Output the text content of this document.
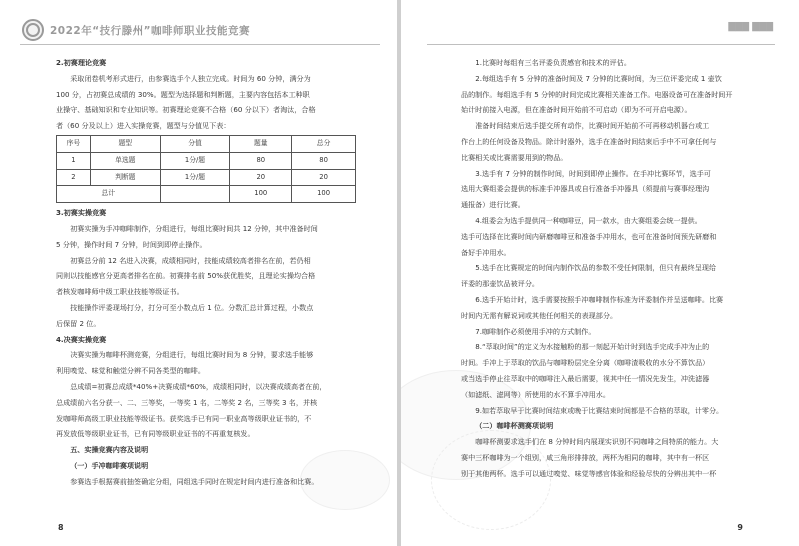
2022年“技行滕州”咖啡师职业技能竞赛

2.初赛理论竞赛

采取闭卷机考形式进行，由参赛选手个人独立完成。时间为 60 分钟，满分为

100 分，占初赛总成绩的 30%。题型为选择题和判断题，主要内容包括本工种职

业操守、基础知识和专业知识等。初赛理论竞赛不合格（60 分以下）者淘汰，合格

者（60 分及以上）进入实操竞赛，题型与分值见下表：

序号	题型	分值	题量	总分
1	单选题	1分/题	80	80
2	判断题	1分/题	20	20
总计			100	100

3.初赛实操竞赛

初赛实操为手冲咖啡制作，分组进行，每组比赛时间共 12 分钟，其中准备时间

5 分钟，操作时间 7 分钟，时间到即停止操作。

初赛总分前 12 名进入决赛，成绩相同时，技能成绩较高者排名在前，若仍相

同则以技能感官分更高者排名在前。初赛排名前 50%获优胜奖，且理论实操均合格

者核发咖啡师中级工职业技能等级证书。

技能操作评委现场打分，打分可至小数点后 1 位。分数汇总计算过程，小数点

后保留 2 位。

4.决赛实操竞赛

决赛实操为咖啡杯测竞赛，分组进行，每组比赛时间为 8 分钟，要求选手能够

利用嗅觉、味觉和触觉分辨不同各类型的咖啡。

总成绩=初赛总成绩*40%+决赛成绩*60%，成绩相同时，以决赛成绩高者在前，

总成绩前六名分获一、二、三等奖，一等奖 1 名，二等奖 2 名，三等奖 3 名，并核

发咖啡师高级工职业技能等级证书。获奖选手已有同一职业高等级职业证书的，不

再发放低等级职业证书，已有同等级职业证书的不再重复核发。

五、实操竞赛内容及说明

（一）手冲咖啡赛项说明

参赛选手根据赛前抽签确定分组，同组选手同时在规定时间内进行准备和比赛。

8
▇▇▇ ▇▇▇

1.比赛时每组有三名评委负责感官和技术的评估。

2.每组选手有 5 分钟的准备时间及 7 分钟的比赛时间，为三位评委完成 1 壶饮

品的制作。每组选手有 5 分钟的时间完成比赛相关准备工作。电器设备可在准备时间开

始计时前接入电源，但在准备时间开始前不可启动（即为不可开启电源）。

准备时间结束后选手提交所有动作，比赛时间开始前不可再移动机器台或工

作台上的任何设备及物品。除计时器外，选手在准备时间结束后手中不可拿任何与

比赛相关或比赛需要用到的物品。

3.选手有 7 分钟的制作时间，时间到即停止操作。在手冲比赛环节，选手可

选用大赛组委会提供的标准手冲器具或自行准备手冲器具（须提前与赛事经理沟

通报备）进行比赛。

4.组委会为选手提供同一种咖啡豆，同一款水，由大赛组委会统一提供。

选手可选择在比赛时间内研磨咖啡豆和准备手冲用水，也可在准备时间预先研磨和

备好手冲用水。

5.选手在比赛规定的时间内制作饮品的参数不受任何限制，但只有最终呈现给

评委的那壶饮品被评分。

6.选手开始计时，选手需要按照手冲咖啡制作标准为评委制作并呈送咖啡。比赛

时间内无需有解说词或其他任何相关的表现部分。

7.咖啡制作必须使用手冲的方式制作。

8.“萃取时间”的定义为水接触粉的那一刻起开始计时到选手完成手冲为止的

时间。手冲上于萃取的饮品与咖啡粉层完全分离（咖啡渣吸收的水分不算饮品）

或当选手停止往萃取中的咖啡注入最后需要，视其中任一情况先发生，冲洗滤器

（如滤纸、滤网等）所使用的水不算手冲用水。

9.如若萃取早于比赛时间结束或晚于比赛结束时间都是不合格的萃取，计零分。

（二）咖啡杯测赛项说明

咖啡杯测要求选手们在 8 分钟时间内展现实识别不同咖啡之间特质的能力。大

赛中三杯咖啡为一个组别，咸三角形排排放，两杯为相同的咖啡，其中有一杯区

别于其他两杯。选手可以通过嗅觉、味觉等感官体验和经验尽快的分辨出其中一杯

9
